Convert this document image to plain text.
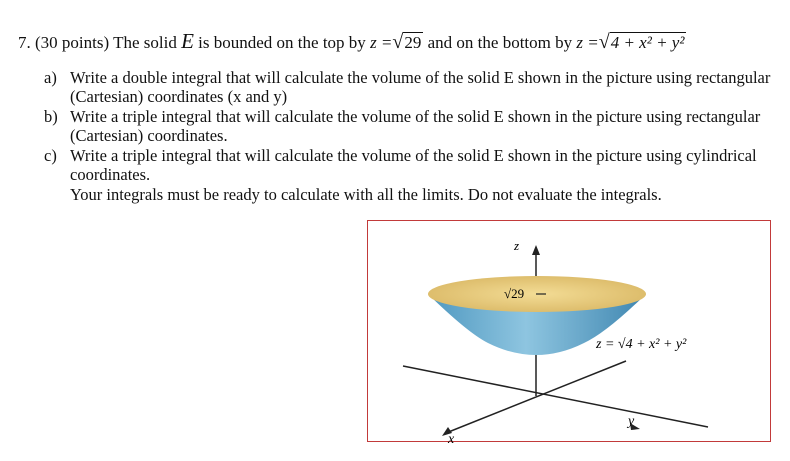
7. (30 points) The solid E is bounded on the top by z =√29 and on the bottom by z =√4 + x² + y²
a) Write a double integral that will calculate the volume of the solid E shown in the picture using rectangular (Cartesian) coordinates (x and y)
b) Write a triple integral that will calculate the volume of the solid E shown in the picture using rectangular (Cartesian) coordinates.
c) Write a triple integral that will calculate the volume of the solid E shown in the picture using cylindrical coordinates.
Your integrals must be ready to calculate with all the limits. Do not evaluate the integrals.
z
x
y
√29
z = √4 + x² + y²
